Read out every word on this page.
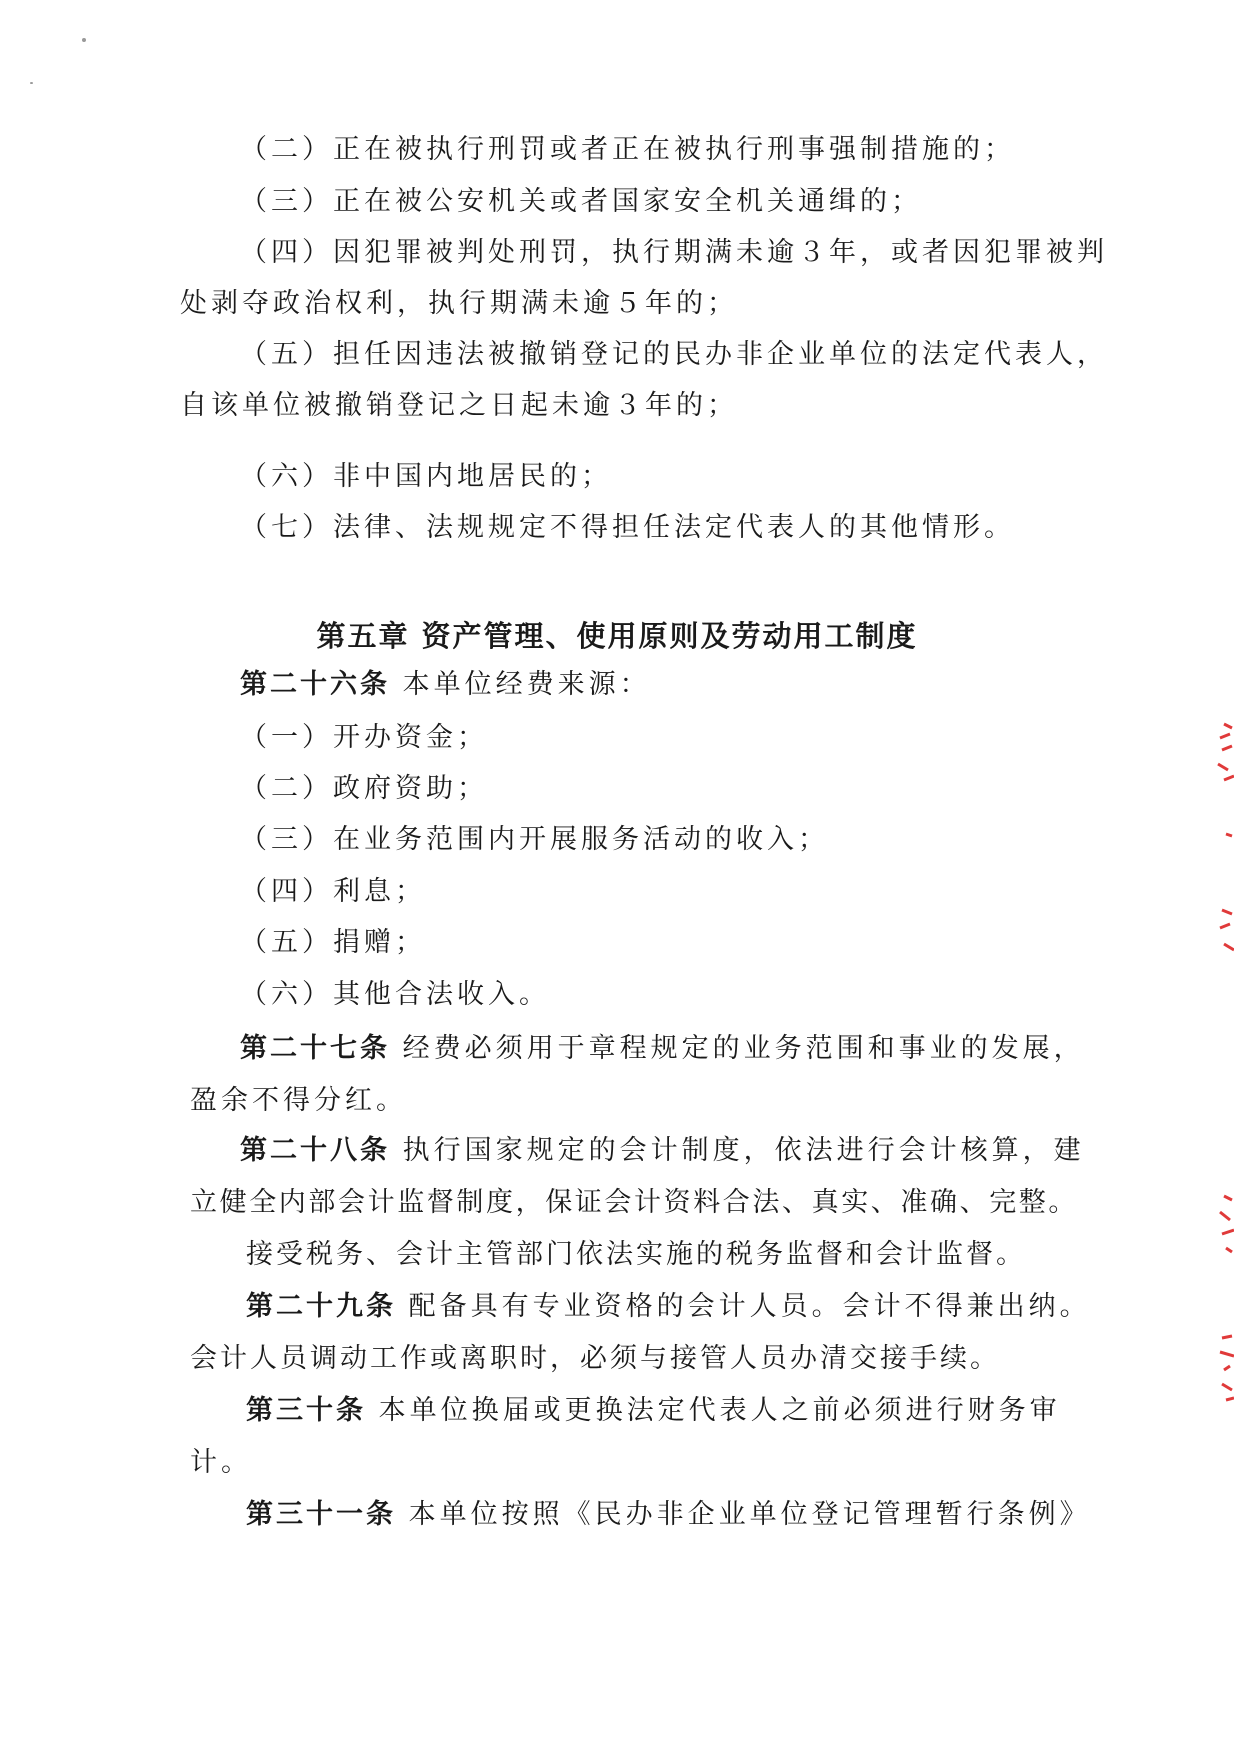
（二）正在被执行刑罚或者正在被执行刑事强制措施的；
（三）正在被公安机关或者国家安全机关通缉的；
（四）因犯罪被判处刑罚，执行期满未逾３年，或者因犯罪被判
处剥夺政治权利，执行期满未逾５年的；
（五）担任因违法被撤销登记的民办非企业单位的法定代表人，
自该单位被撤销登记之日起未逾３年的；
（六）非中国内地居民的；
（七）法律、法规规定不得担任法定代表人的其他情形。
第五章 资产管理、使用原则及劳动用工制度
第二十六条 本单位经费来源：
（一）开办资金；
（二）政府资助；
（三）在业务范围内开展服务活动的收入；
（四）利息；
（五）捐赠；
（六）其他合法收入。
第二十七条 经费必须用于章程规定的业务范围和事业的发展，
盈余不得分红。
第二十八条 执行国家规定的会计制度，依法进行会计核算，建
立健全内部会计监督制度，保证会计资料合法、真实、准确、完整。
接受税务、会计主管部门依法实施的税务监督和会计监督。
第二十九条 配备具有专业资格的会计人员。会计不得兼出纳。
会计人员调动工作或离职时，必须与接管人员办清交接手续。
第三十条 本单位换届或更换法定代表人之前必须进行财务审
计。
第三十一条 本单位按照《民办非企业单位登记管理暂行条例》
